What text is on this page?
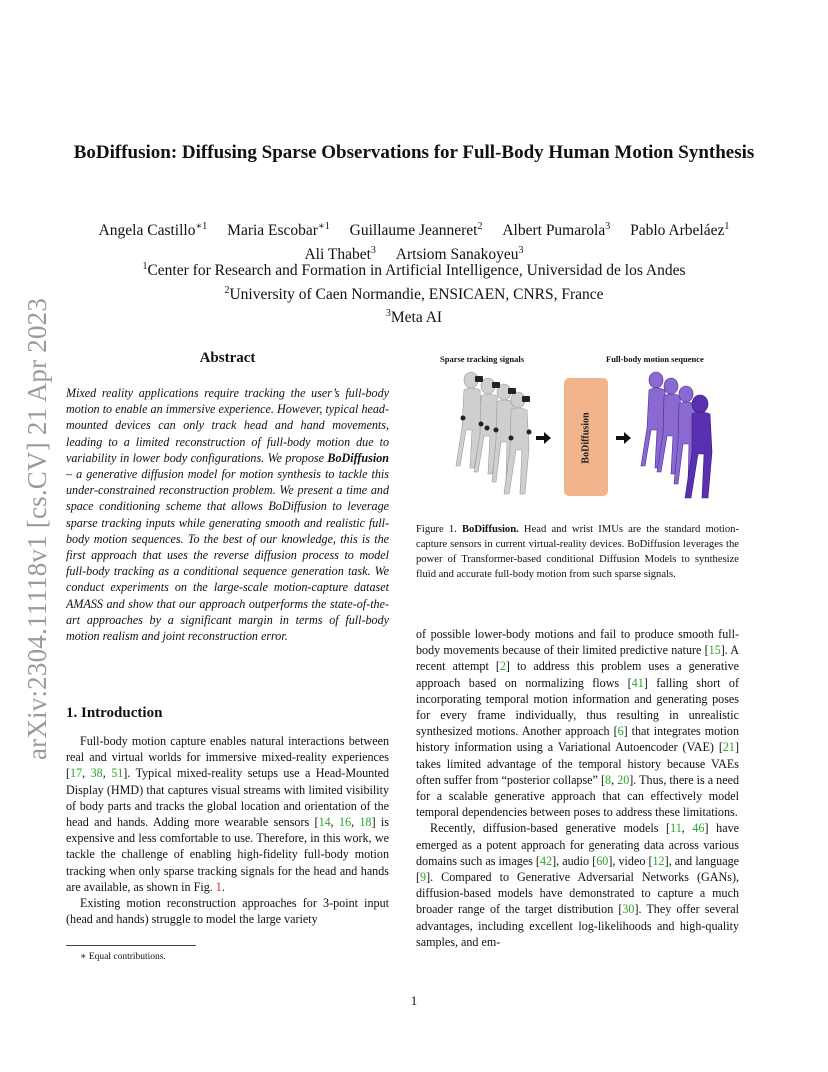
arXiv:2304.11118v1 [cs.CV] 21 Apr 2023
BoDiffusion: Diffusing Sparse Observations for Full-Body Human Motion Synthesis
Angela Castillo$^{∗1}$ Maria Escobar$^{∗1}$ Guillaume Jeanneret$^2$ Albert Pumarola$^3$ Pablo Arbeláez$^1$
Ali Thabet$^3$ Artsiom Sanakoyeu$^3$
$^1$Center for Research and Formation in Artificial Intelligence, Universidad de los Andes
$^2$University of Caen Normandie, ENSICAEN, CNRS, France
$^3$Meta AI
Abstract
Mixed reality applications require tracking the user’s full-body motion to enable an immersive experience. However, typical head-mounted devices can only track head and hand movements, leading to a limited reconstruction of full-body motion due to variability in lower body configurations. We propose BoDiffusion – a generative diffusion model for motion synthesis to tackle this under-constrained reconstruction problem. We present a time and space conditioning scheme that allows BoDiffusion to leverage sparse tracking inputs while generating smooth and realistic full-body motion sequences. To the best of our knowledge, this is the first approach that uses the reverse diffusion process to model full-body tracking as a conditional sequence generation task. We conduct experiments on the large-scale motion-capture dataset AMASS and show that our approach outperforms the state-of-the-art approaches by a significant margin in terms of full-body motion realism and joint reconstruction error.
1. Introduction

Full-body motion capture enables natural interactions between real and virtual worlds for immersive mixed-reality experiences [17, 38, 51]. Typical mixed-reality setups use a Head-Mounted Display (HMD) that captures visual streams with limited visibility of body parts and tracks the global location and orientation of the head and hands. Adding more wearable sensors [14, 16, 18] is expensive and less comfortable to use. Therefore, in this work, we tackle the challenge of enabling high-fidelity full-body motion tracking when only sparse tracking signals for the head and hands are available, as shown in Fig. 1.

Existing motion reconstruction approaches for 3-point input (head and hands) struggle to model the large variety

∗ Equal contributions.
Sparse tracking signals	Full-body motion sequence
BoDiffusion
Figure 1. BoDiffusion. Head and wrist IMUs are the standard motion-capture sensors in current virtual-reality devices. BoDiffusion leverages the power of Transformer-based conditional Diffusion Models to synthesize fluid and accurate full-body motion from such sparse signals.

of possible lower-body motions and fail to produce smooth full-body movements because of their limited predictive nature [15]. A recent attempt [2] to address this problem uses a generative approach based on normalizing flows [41] falling short of incorporating temporal motion information and generating poses for every frame individually, thus resulting in unrealistic synthesized motions. Another approach [6] that integrates motion history information using a Variational Autoencoder (VAE) [21] takes limited advantage of the temporal history because VAEs often suffer from “posterior collapse” [8, 20]. Thus, there is a need for a scalable generative approach that can effectively model temporal dependencies between poses to address these limitations.

Recently, diffusion-based generative models [11, 46] have emerged as a potent approach for generating data across various domains such as images [42], audio [60], video [12], and language [9]. Compared to Generative Adversarial Networks (GANs), diffusion-based models have demonstrated to capture a much broader range of the target distribution [30]. They offer several advantages, including excellent log-likelihoods and high-quality samples, and em-

1
